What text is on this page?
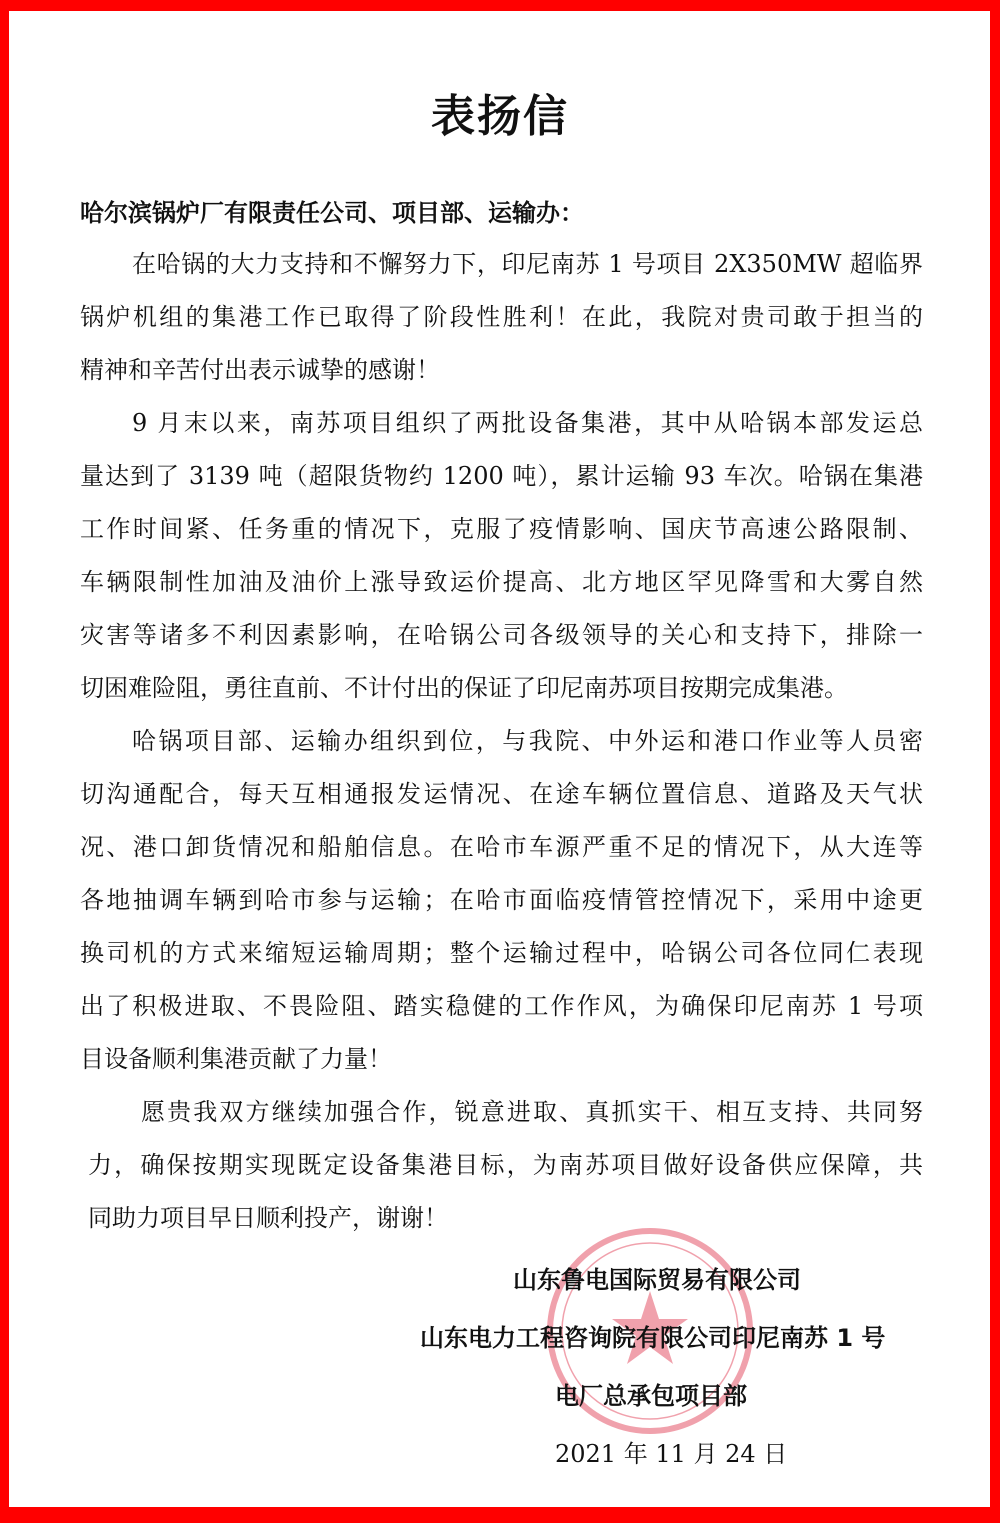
表扬信
哈尔滨锅炉厂有限责任公司、项目部、运输办：
在哈锅的大力支持和不懈努力下，印尼南苏 1 号项目 2X350MW 超临界
锅炉机组的集港工作已取得了阶段性胜利！在此，我院对贵司敢于担当的
精神和辛苦付出表示诚挚的感谢！
9 月末以来，南苏项目组织了两批设备集港，其中从哈锅本部发运总
量达到了 3139 吨（超限货物约 1200 吨），累计运输 93 车次。哈锅在集港
工作时间紧、任务重的情况下，克服了疫情影响、国庆节高速公路限制、
车辆限制性加油及油价上涨导致运价提高、北方地区罕见降雪和大雾自然
灾害等诸多不利因素影响，在哈锅公司各级领导的关心和支持下，排除一
切困难险阻，勇往直前、不计付出的保证了印尼南苏项目按期完成集港。
哈锅项目部、运输办组织到位，与我院、中外运和港口作业等人员密
切沟通配合，每天互相通报发运情况、在途车辆位置信息、道路及天气状
况、港口卸货情况和船舶信息。在哈市车源严重不足的情况下，从大连等
各地抽调车辆到哈市参与运输；在哈市面临疫情管控情况下，采用中途更
换司机的方式来缩短运输周期；整个运输过程中，哈锅公司各位同仁表现
出了积极进取、不畏险阻、踏实稳健的工作作风，为确保印尼南苏 1 号项
目设备顺利集港贡献了力量！
愿贵我双方继续加强合作，锐意进取、真抓实干、相互支持、共同努
力，确保按期实现既定设备集港目标，为南苏项目做好设备供应保障，共
同助力项目早日顺利投产，谢谢！
山东鲁电国际贸易有限公司
山东电力工程咨询院有限公司印尼南苏 1 号
电厂总承包项目部
2021 年 11 月 24 日
